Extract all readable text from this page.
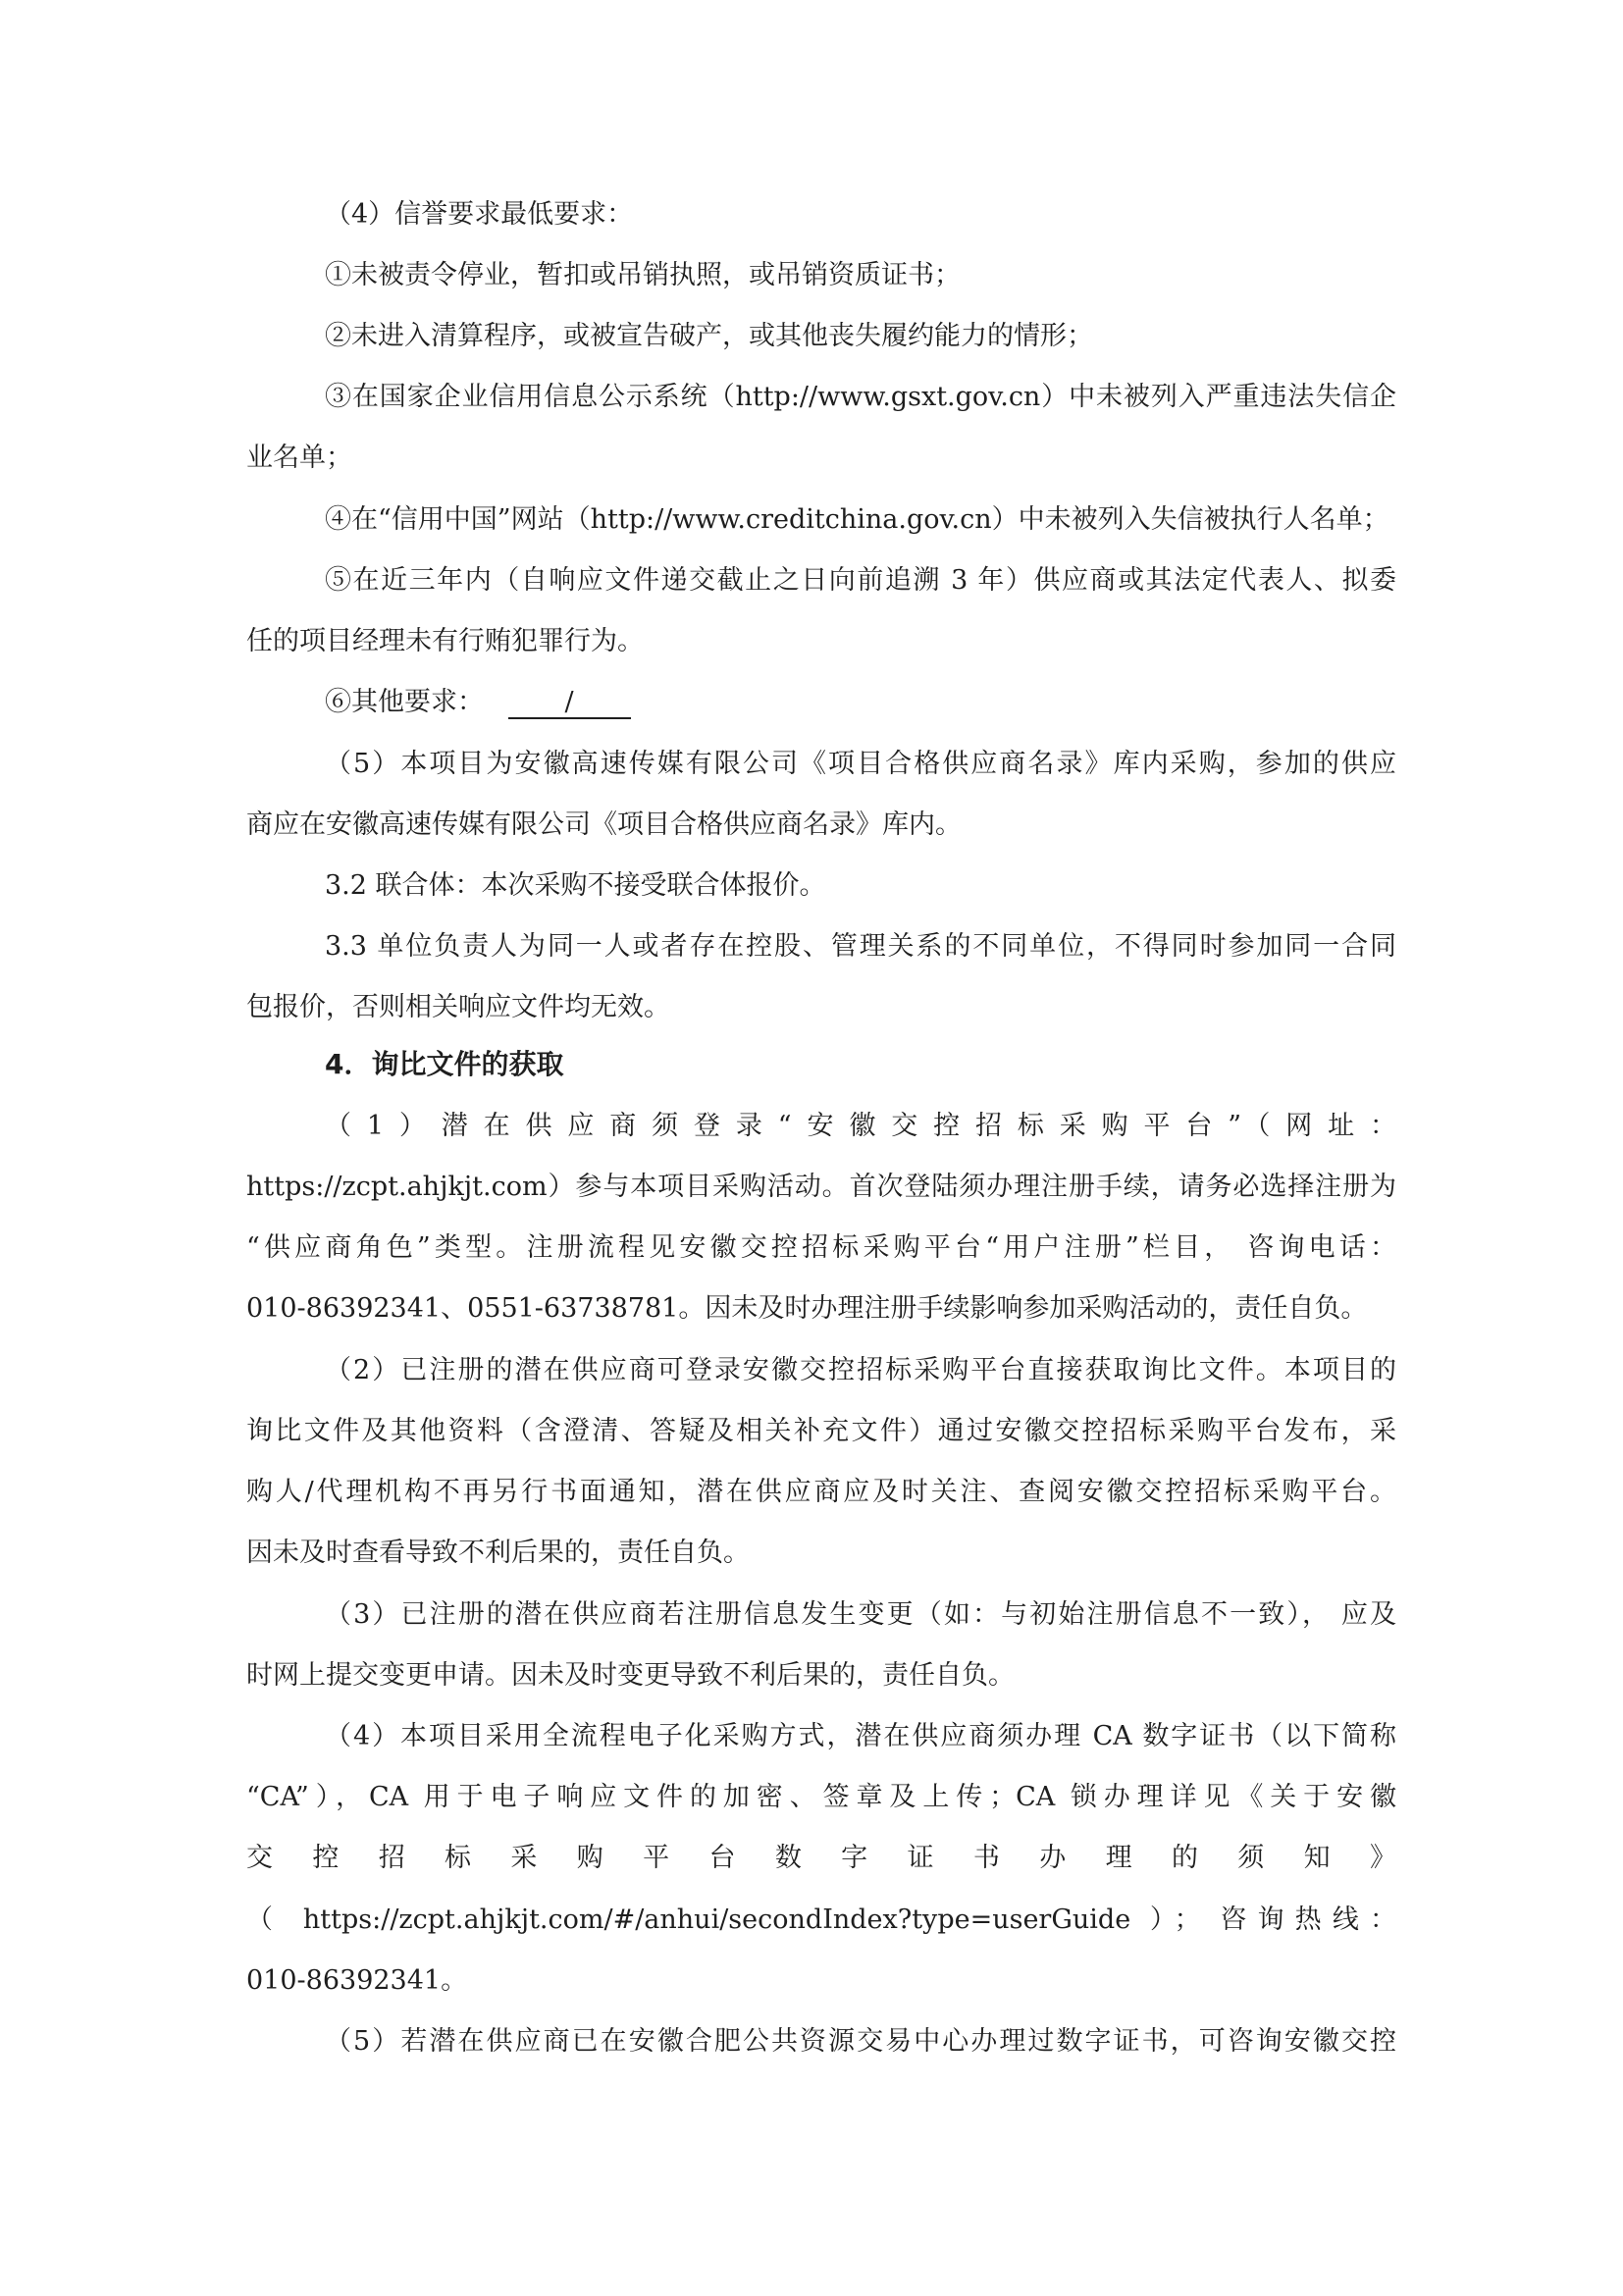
（4）信誉要求最低要求：
①未被责令停业，暂扣或吊销执照，或吊销资质证书；
②未进入清算程序，或被宣告破产，或其他丧失履约能力的情形；
③在国家企业信用信息公示系统（http://www.gsxt.gov.cn）中未被列入严重违法失信企
业名单；
④在“信用中国”网站（http://www.creditchina.gov.cn）中未被列入失信被执行人名单；
⑤在近三年内（自响应文件递交截止之日向前追溯 3 年）供应商或其法定代表人、拟委
任的项目经理未有行贿犯罪行为。
⑥其他要求：	/
（5）本项目为安徽高速传媒有限公司《项目合格供应商名录》库内采购，参加的供应
商应在安徽高速传媒有限公司《项目合格供应商名录》库内。
3.2 联合体：本次采购不接受联合体报价。
3.3 单位负责人为同一人或者存在控股、管理关系的不同单位，不得同时参加同一合同
包报价，否则相关响应文件均无效。
4．询比文件的获取
（1）潜在供应商须登录“安徽交控招标采购平台”（网址：
https://zcpt.ahjkjt.com）参与本项目采购活动。首次登陆须办理注册手续，请务必选择注册为
“供应商角色”类型。注册流程见安徽交控招标采购平台“用户注册”栏目， 咨询电话：
010-86392341、0551-63738781。因未及时办理注册手续影响参加采购活动的，责任自负。
（2）已注册的潜在供应商可登录安徽交控招标采购平台直接获取询比文件。本项目的
询比文件及其他资料（含澄清、答疑及相关补充文件）通过安徽交控招标采购平台发布，采
购人/代理机构不再另行书面通知，潜在供应商应及时关注、查阅安徽交控招标采购平台。
因未及时查看导致不利后果的，责任自负。
（3）已注册的潜在供应商若注册信息发生变更（如：与初始注册信息不一致）， 应及
时网上提交变更申请。因未及时变更导致不利后果的，责任自负。
（4）本项目采用全流程电子化采购方式，潜在供应商须办理 CA 数字证书（以下简称
“CA”），CA 用于电子响应文件的加密、签章及上传；CA 锁办理详见《关于安徽
交控招标采购平台数字证书办理的须知》
（ https://zcpt.ahjkjt.com/#/anhui/secondIndex?type=userGuide ）； 咨询热线：
010-86392341。
（5）若潜在供应商已在安徽合肥公共资源交易中心办理过数字证书，可咨询安徽交控
